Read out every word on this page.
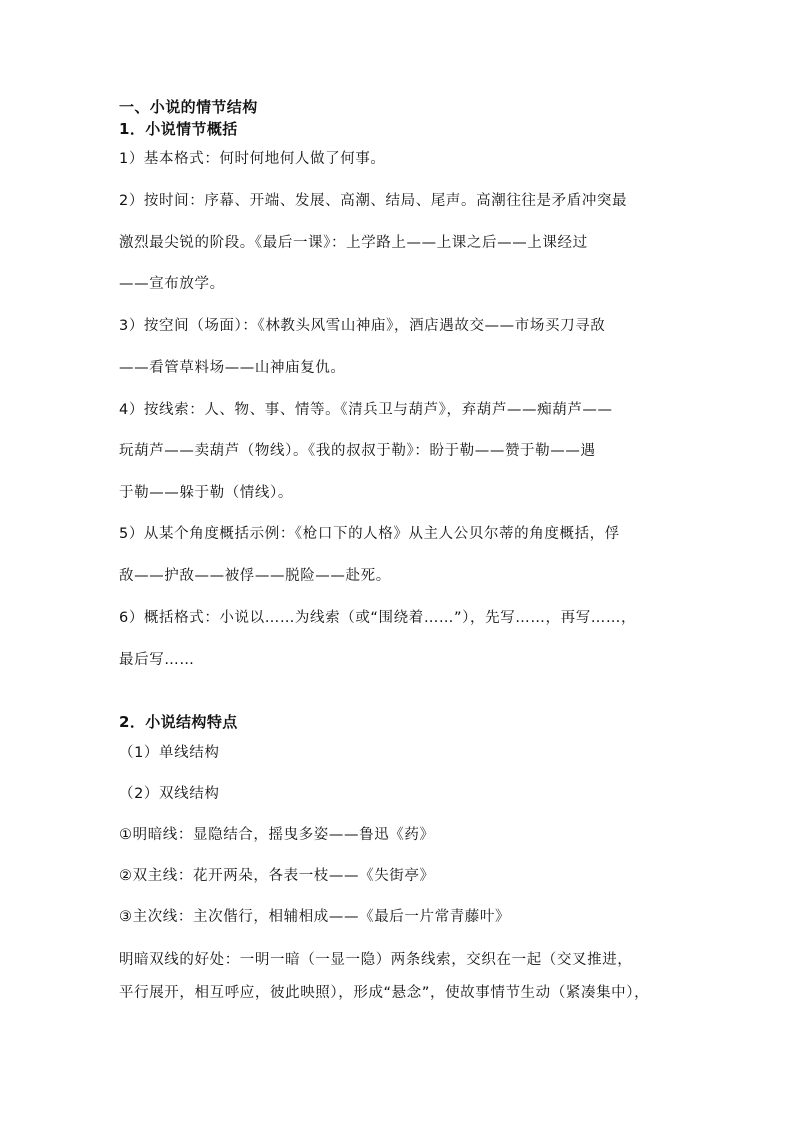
一、小说的情节结构
1．小说情节概括
1）基本格式：何时何地何人做了何事。
2）按时间：序幕、开端、发展、高潮、结局、尾声。高潮往往是矛盾冲突最
激烈最尖锐的阶段。《最后一课》：上学路上——上课之后——上课经过
——宣布放学。
3）按空间（场面）：《林教头风雪山神庙》，酒店遇故交——市场买刀寻敌
——看管草料场——山神庙复仇。
4）按线索：人、物、事、情等。《清兵卫与葫芦》，弃葫芦——痴葫芦——
玩葫芦——卖葫芦（物线）。《我的叔叔于勒》：盼于勒——赞于勒——遇
于勒——躲于勒（情线）。
5）从某个角度概括示例：《枪口下的人格》从主人公贝尔蒂的角度概括，俘
敌——护敌——被俘——脱险——赴死。
6）概括格式：小说以……为线索（或“围绕着……”），先写……，再写……，
最后写……
2．小说结构特点
（1）单线结构
（2）双线结构
①明暗线：显隐结合，摇曳多姿——鲁迅《药》
②双主线：花开两朵，各表一枝——《失街亭》
③主次线：主次偕行，相辅相成——《最后一片常青藤叶》
明暗双线的好处：一明一暗（一显一隐）两条线索，交织在一起（交叉推进，
平行展开，相互呼应，彼此映照），形成“悬念”，使故事情节生动（紧凑集中），
